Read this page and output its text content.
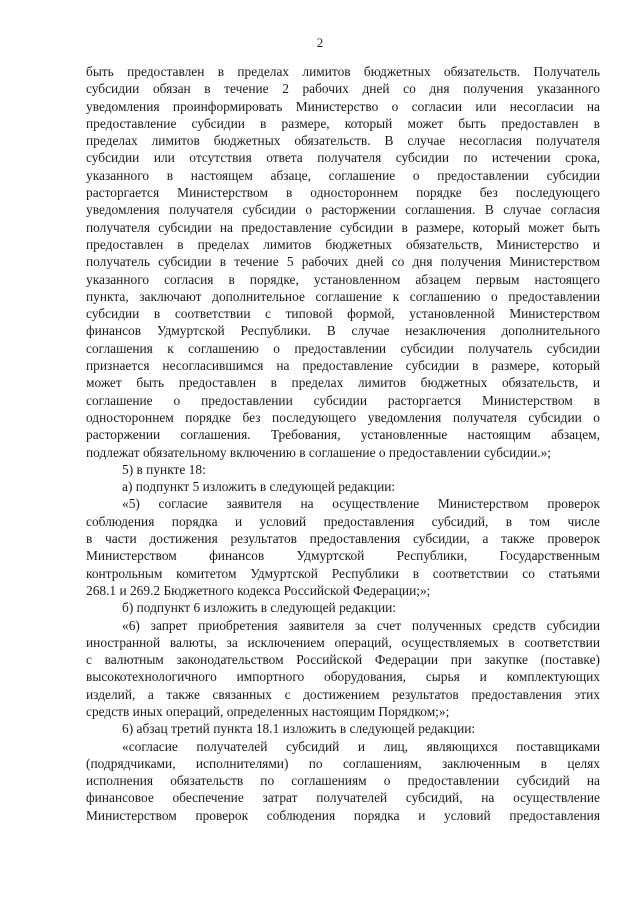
2
быть предоставлен в пределах лимитов бюджетных обязательств. Получатель
субсидии обязан в течение 2 рабочих дней со дня получения указанного
уведомления проинформировать Министерство о согласии или несогласии на
предоставление субсидии в размере, который может быть предоставлен в
пределах лимитов бюджетных обязательств. В случае несогласия получателя
субсидии или отсутствия ответа получателя субсидии по истечении срока,
указанного в настоящем абзаце, соглашение о предоставлении субсидии
расторгается Министерством в одностороннем порядке без последующего
уведомления получателя субсидии о расторжении соглашения. В случае согласия
получателя субсидии на предоставление субсидии в размере, который может быть
предоставлен в пределах лимитов бюджетных обязательств, Министерство и
получатель субсидии в течение 5 рабочих дней со дня получения Министерством
указанного согласия в порядке, установленном абзацем первым настоящего
пункта, заключают дополнительное соглашение к соглашению о предоставлении
субсидии в соответствии с типовой формой, установленной Министерством
финансов Удмуртской Республики. В случае незаключения дополнительного
соглашения к соглашению о предоставлении субсидии получатель субсидии
признается несогласившимся на предоставление субсидии в размере, который
может быть предоставлен в пределах лимитов бюджетных обязательств, и
соглашение о предоставлении субсидии расторгается Министерством в
одностороннем порядке без последующего уведомления получателя субсидии о
расторжении соглашения. Требования, установленные настоящим абзацем,
подлежат обязательному включению в соглашение о предоставлении субсидии.»;
5) в пункте 18:
а) подпункт 5 изложить в следующей редакции:
«5) согласие заявителя на осуществление Министерством проверок
соблюдения порядка и условий предоставления субсидий, в том числе
в части достижения результатов предоставления субсидии, а также проверок
Министерством финансов Удмуртской Республики, Государственным
контрольным комитетом Удмуртской Республики в соответствии со статьями
268.1 и 269.2 Бюджетного кодекса Российской Федерации;»;
б) подпункт 6 изложить в следующей редакции:
«6) запрет приобретения заявителя за счет полученных средств субсидии
иностранной валюты, за исключением операций, осуществляемых в соответствии
с валютным законодательством Российской Федерации при закупке (поставке)
высокотехнологичного импортного оборудования, сырья и комплектующих
изделий, а также связанных с достижением результатов предоставления этих
средств иных операций, определенных настоящим Порядком;»;
6) абзац третий пункта 18.1 изложить в следующей редакции:
«согласие получателей субсидий и лиц, являющихся поставщиками
(подрядчиками, исполнителями) по соглашениям, заключенным в целях
исполнения обязательств по соглашениям о предоставлении субсидий на
финансовое обеспечение затрат получателей субсидий, на осуществление
Министерством проверок соблюдения порядка и условий предоставления
